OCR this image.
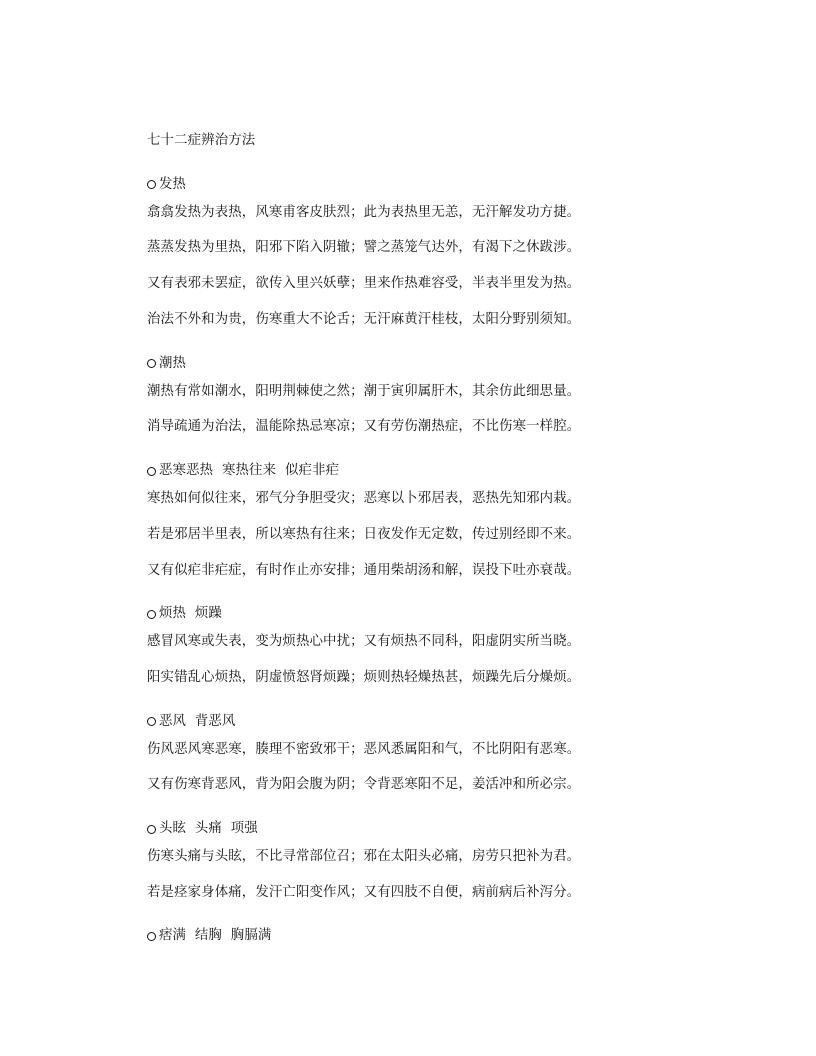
七十二症辨治方法
发热
翕翕发热为表热，风寒甫客皮肤烈；此为表热里无恙，无汗解发功方捷。
蒸蒸发热为里热，阳邪下陷入阴辙；譬之蒸笼气达外，有渴下之休跋涉。
又有表邪未罢症，欲传入里兴妖孽；里来作热难容受，半表半里发为热。
治法不外和为贵，伤寒重大不论舌；无汗麻黄汗桂枝，太阳分野别须知。
潮热
潮热有常如潮水，阳明荆棘使之然；潮于寅卯属肝木，其余仿此细思量。
消导疏通为治法，温能除热忌寒凉；又有劳伤潮热症，不比伤寒一样腔。
恶寒恶热  寒热往来  似疟非疟
寒热如何似往来，邪气分争胆受灾；恶寒以卜邪居表，恶热先知邪内栽。
若是邪居半里表，所以寒热有往来；日夜发作无定数，传过别经即不来。
又有似疟非疟症，有时作止亦安排；通用柴胡汤和解，误投下吐亦衰哉。
烦热  烦躁
感冒风寒或失表，变为烦热心中扰；又有烦热不同科，阳虚阴实所当晓。
阳实错乱心烦热，阴虚愤怒肾烦躁；烦则热轻燥热甚，烦躁先后分燥烦。
恶风  背恶风
伤风恶风寒恶寒，腠理不密致邪干；恶风悉属阳和气，不比阴阳有恶寒。
又有伤寒背恶风，背为阳会腹为阴；令背恶寒阳不足，姜活冲和所必宗。
头眩  头痛  项强
伤寒头痛与头眩，不比寻常部位召；邪在太阳头必痛，房劳只把补为君。
若是痉家身体痛，发汗亡阳变作风；又有四肢不自便，病前病后补泻分。
痞满  结胸  胸膈满
